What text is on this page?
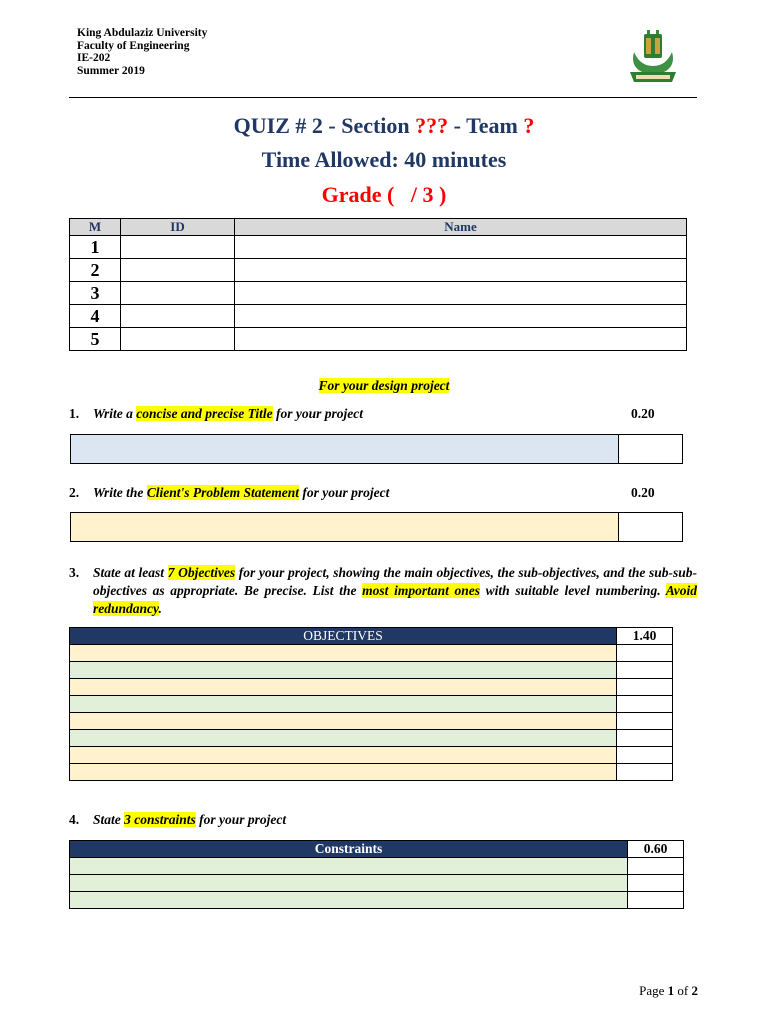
King Abdulaziz University
Faculty of Engineering
IE-202
Summer 2019
QUIZ # 2 - Section ??? - Team ?
Time Allowed: 40 minutes
Grade (   / 3 )
M	ID	Name
1		
2		
3		
4		
5		
For your design project
1. Write a concise and precise Title for your project	0.20
2. Write the Client's Problem Statement for your project	0.20
3.	State at least 7 Objectives for your project, showing the main objectives, the sub-objectives, and the sub-sub-objectives as appropriate. Be precise. List the most important ones with suitable level numbering. Avoid redundancy.
OBJECTIVES	1.40

4. State 3 constraints for your project
Constraints	0.60

Page 1 of 2
